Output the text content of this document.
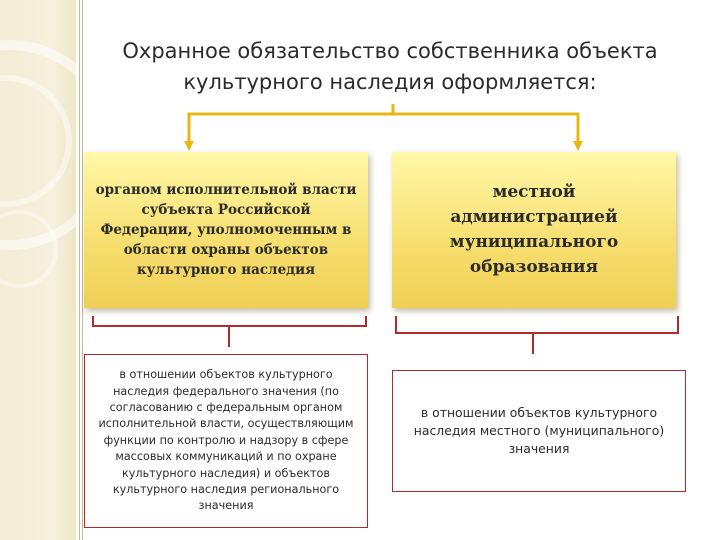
Охранное обязательство собственника объекта культурного наследия оформляется:
органом исполнительной власти субъекта Российской Федерации, уполномоченным в области охраны объектов культурного наследия
местной администрацией муниципального образования
в отношении объектов культурного наследия федерального значения (по согласованию с федеральным органом исполнительной власти, осуществляющим функции по контролю и надзору в сфере массовых коммуникаций и по охране культурного наследия) и объектов культурного наследия регионального значения
в отношении объектов культурного наследия местного (муниципального) значения
